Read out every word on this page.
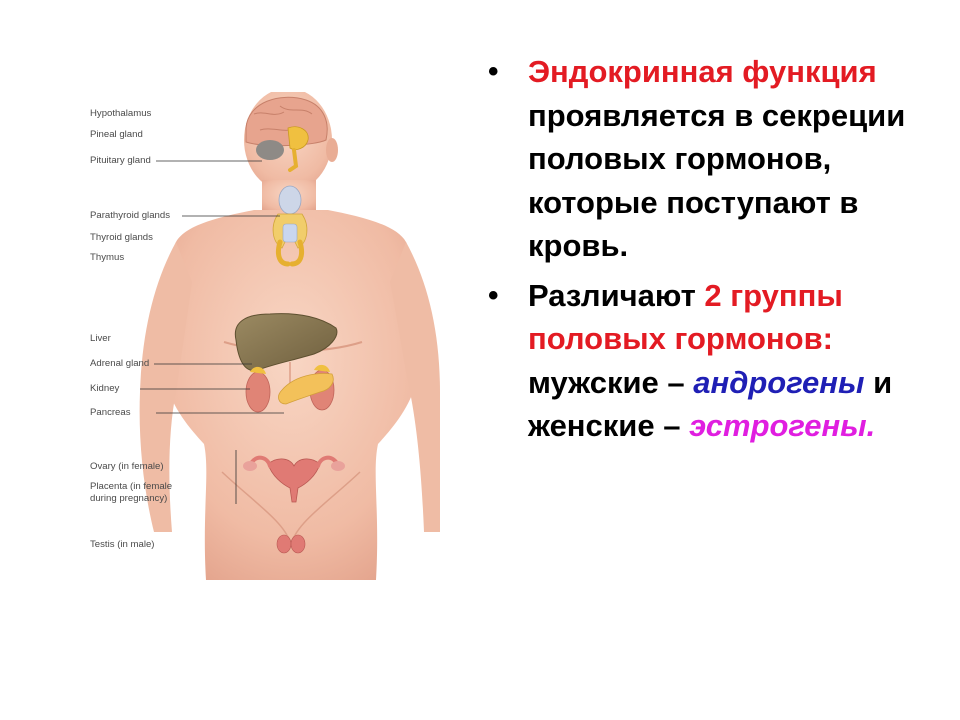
Hypothalamus
Pineal gland
Pituitary gland
Parathyroid glands
Thyroid glands
Thymus
Liver
Adrenal gland
Kidney
Pancreas
Ovary (in female)
Placenta (in female
during pregnancy)
Testis (in male)
• Эндокринная функция проявляется в секреции половых гормонов, которые поступают в кровь.
• Различают 2 группы половых гормонов: мужские – андрогены и женские – эстрогены.
